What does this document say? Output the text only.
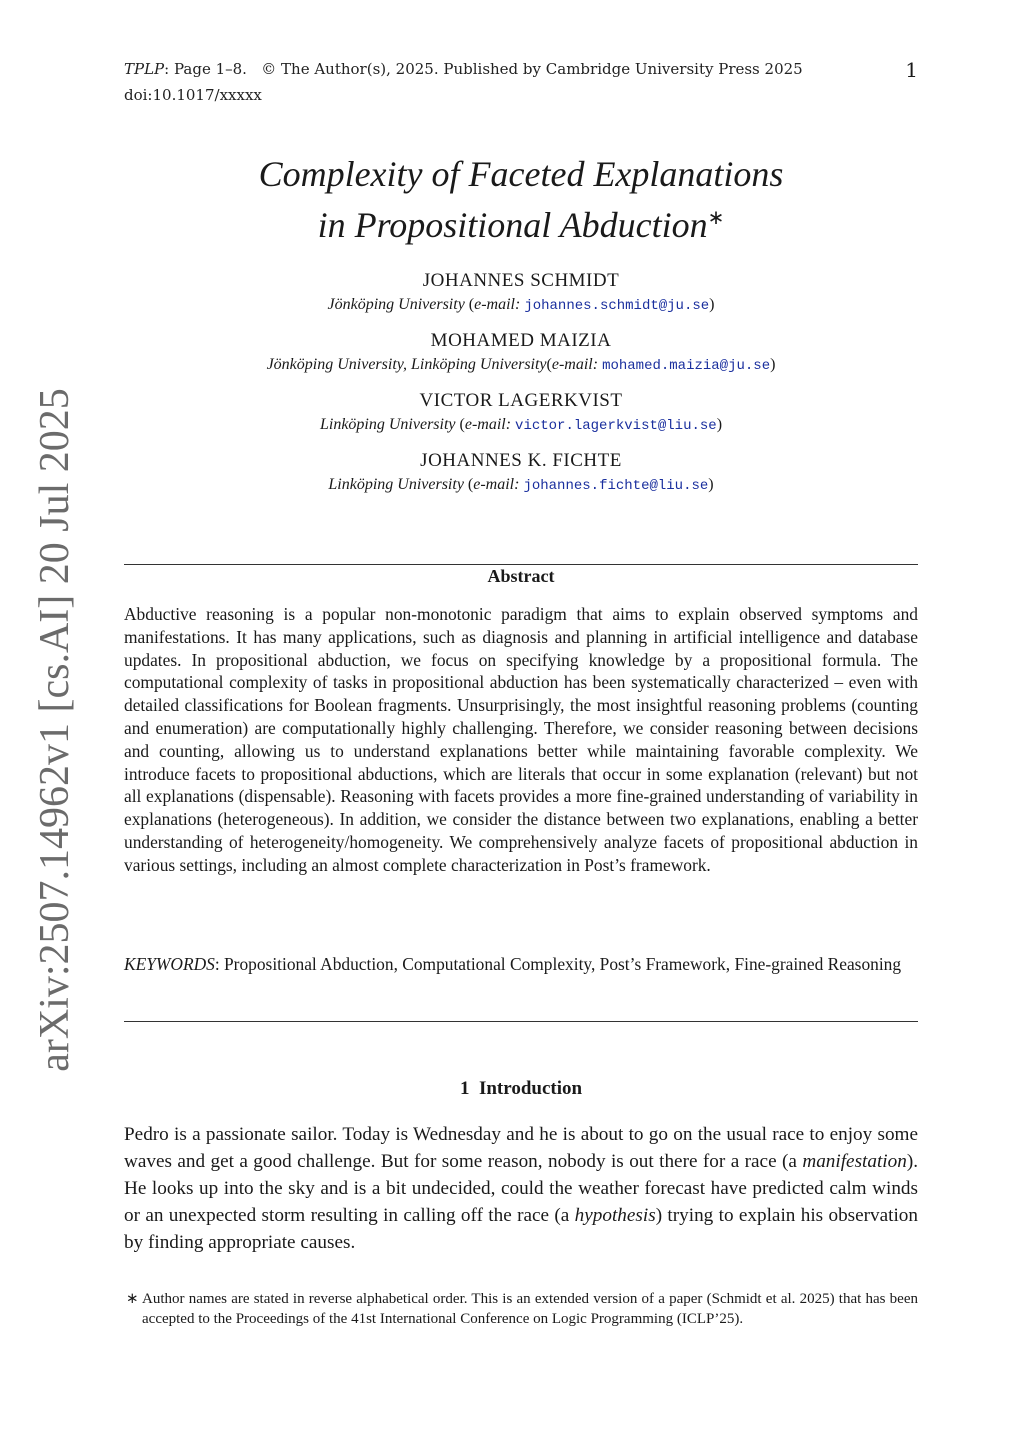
arXiv:2507.14962v1 [cs.AI] 20 Jul 2025
TPLP: Page 1–8. © The Author(s), 2025. Published by Cambridge University Press 2025
doi:10.1017/xxxxx
1
Complexity of Faceted Explanations
in Propositional Abduction∗
JOHANNES SCHMIDT
Jönköping University (e-mail: johannes.schmidt@ju.se)
MOHAMED MAIZIA
Jönköping University, Linköping University(e-mail: mohamed.maizia@ju.se)
VICTOR LAGERKVIST
Linköping University (e-mail: victor.lagerkvist@liu.se)
JOHANNES K. FICHTE
Linköping University (e-mail: johannes.fichte@liu.se)
Abstract
Abductive reasoning is a popular non-monotonic paradigm that aims to explain observed symptoms and manifestations. It has many applications, such as diagnosis and planning in artificial intelligence and database updates. In propositional abduction, we focus on specifying knowledge by a propositional formula. The computational complexity of tasks in propositional abduction has been systematically characterized – even with detailed classifications for Boolean fragments. Unsurprisingly, the most insightful reasoning problems (counting and enumeration) are computationally highly challenging. Therefore, we consider reasoning between decisions and counting, allowing us to understand explanations better while maintaining favorable complexity. We introduce facets to propositional abductions, which are literals that occur in some explanation (relevant) but not all explanations (dispensable). Reasoning with facets provides a more fine-grained understanding of variability in explanations (heterogeneous). In addition, we consider the distance between two explanations, enabling a better understanding of heterogeneity/homogeneity. We comprehensively analyze facets of propositional abduction in various settings, including an almost complete characterization in Post’s framework.
KEYWORDS: Propositional Abduction, Computational Complexity, Post’s Framework, Fine-grained Reasoning
1 Introduction
Pedro is a passionate sailor. Today is Wednesday and he is about to go on the usual race to enjoy some waves and get a good challenge. But for some reason, nobody is out there for a race (a manifestation). He looks up into the sky and is a bit undecided, could the weather forecast have predicted calm winds or an unexpected storm resulting in calling off the race (a hypothesis) trying to explain his observation by finding appropriate causes.
∗ Author names are stated in reverse alphabetical order. This is an extended version of a paper (Schmidt et al. 2025) that has been accepted to the Proceedings of the 41st International Conference on Logic Programming (ICLP’25).
